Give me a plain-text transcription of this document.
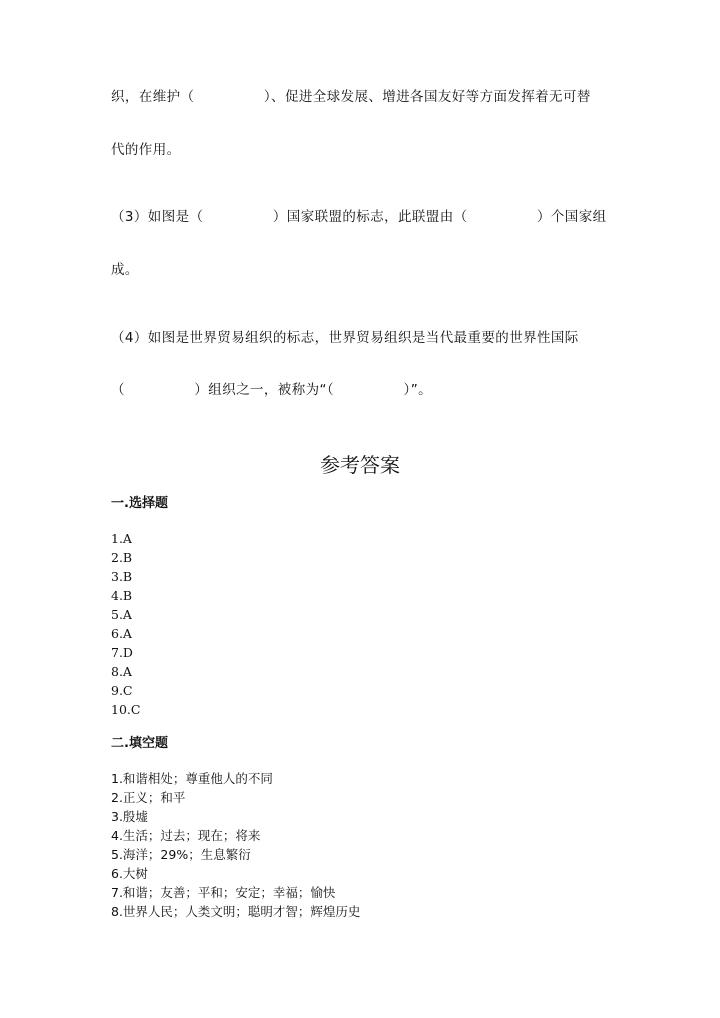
织，在维护（　　　　　）、促进全球发展、增进各国友好等方面发挥着无可替
代的作用。
（3）如图是（　　　　　）国家联盟的标志，此联盟由（　　　　　）个国家组
成。
（4）如图是世界贸易组织的标志，世界贸易组织是当代最重要的世界性国际
（　　　　　）组织之一，被称为“（　　　　　）”。
参考答案
一.选择题
1.A
2.B
3.B
4.B
5.A
6.A
7.D
8.A
9.C
10.C
二.填空题
1.和谐相处；尊重他人的不同
2.正义；和平
3.殷墟
4.生活；过去；现在；将来
5.海洋；29%；生息繁衍
6.大树
7.和谐；友善；平和；安定；幸福；愉快
8.世界人民；人类文明；聪明才智；辉煌历史
